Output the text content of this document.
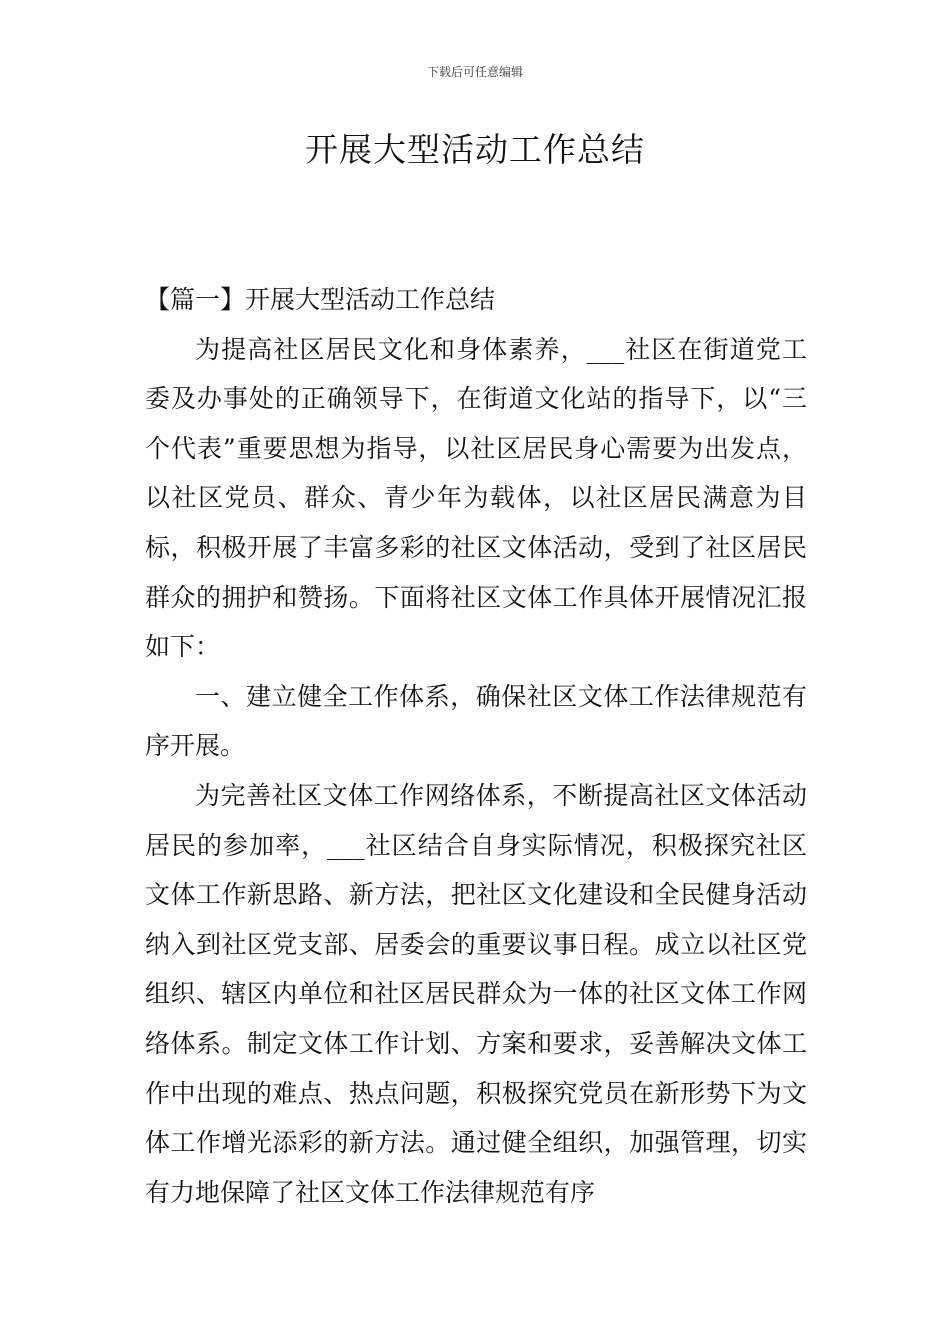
下载后可任意编辑
开展大型活动工作总结

【篇一】开展大型活动工作总结

为提高社区居民文化和身体素养，___社区在街道党工委及办事处的正确领导下，在街道文化站的指导下，以“三个代表”重要思想为指导，以社区居民身心需要为出发点，以社区党员、群众、青少年为载体，以社区居民满意为目标，积极开展了丰富多彩的社区文体活动，受到了社区居民群众的拥护和赞扬。下面将社区文体工作具体开展情况汇报如下：

一、建立健全工作体系，确保社区文体工作法律规范有序开展。

为完善社区文体工作网络体系，不断提高社区文体活动居民的参加率，___社区结合自身实际情况，积极探究社区文体工作新思路、新方法，把社区文化建设和全民健身活动纳入到社区党支部、居委会的重要议事日程。成立以社区党组织、辖区内单位和社区居民群众为一体的社区文体工作网络体系。制定文体工作计划、方案和要求，妥善解决文体工作中出现的难点、热点问题，积极探究党员在新形势下为文体工作增光添彩的新方法。通过健全组织，加强管理，切实有力地保障了社区文体工作法律规范有序
